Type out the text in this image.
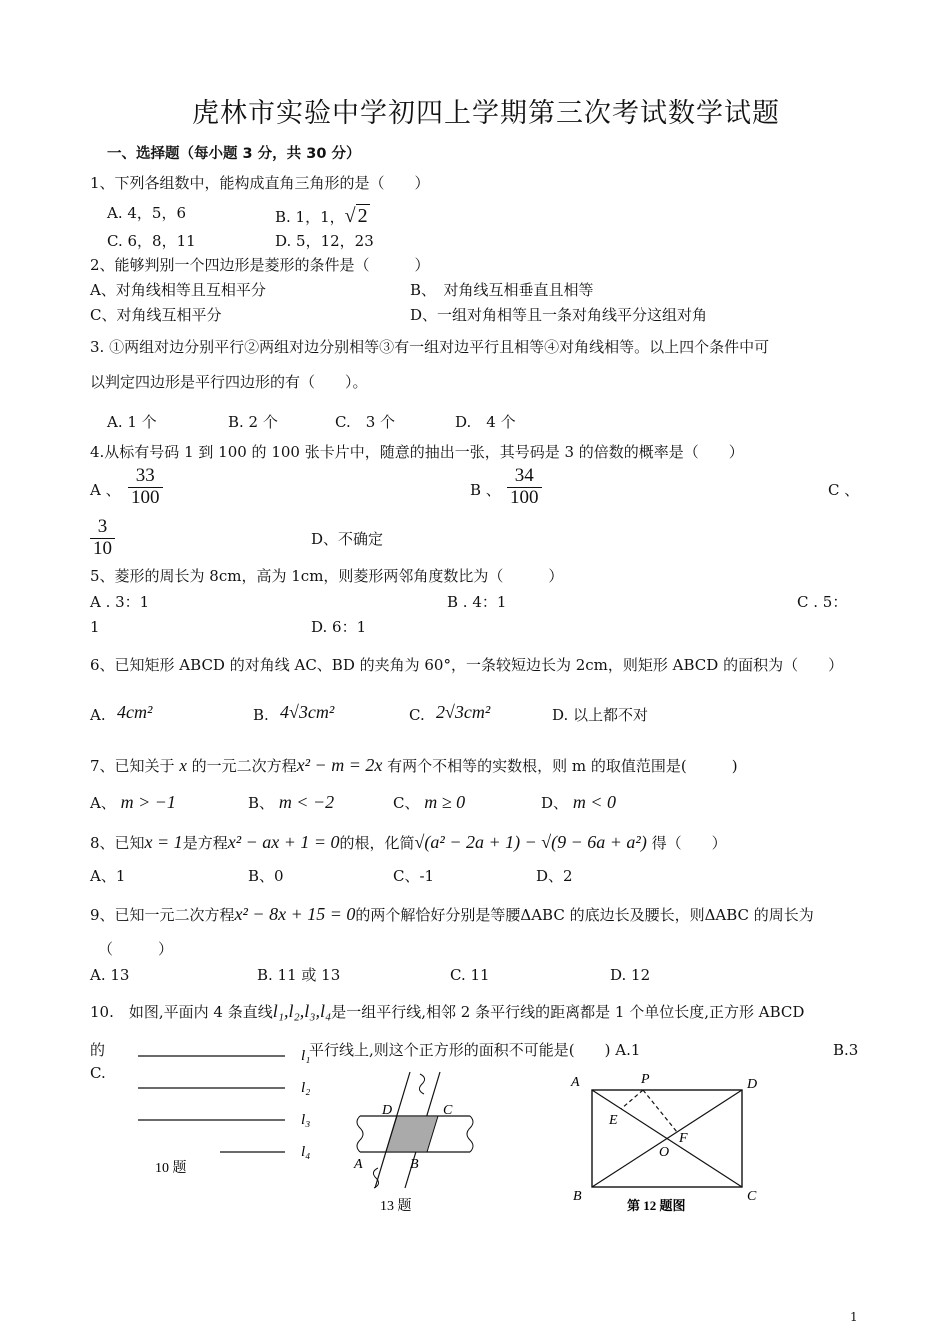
虎林市实验中学初四上学期第三次考试数学试题
一、选择题（每小题 3 分，共 30 分）
1、下列各组数中，能构成直角三角形的是（　　）
A. 4，5，6	B. 1，1，√ 2
C. 6，8，11	D. 5，12，23
2、能够判别一个四边形是菱形的条件是（　　　）
A、对角线相等且互相平分	B、　对角线互相垂直且相等
C、对角线互相平分	D、一组对角相等且一条对角线平分这组对角
3. ①两组对边分别平行②两组对边分别相等③有一组对边平行且相等④对角线相等。以上四个条件中可
以判定四边形是平行四边形的有（　　）。
A. 1 个	B. 2 个	C.　3 个	D.　4 个
4.从标有号码 1 到 100 的 100 张卡片中，随意的抽出一张，其号码是 3 的倍数的概率是（　　）
A 、 $\frac{33}{100}$	B 、 $\frac{34}{100}$	C 、
$\frac{3}{10}$	D、不确定
5、菱形的周长为 8cm，高为 1cm，则菱形两邻角度数比为（　　　）
A . 3：1	B . 4：1	C . 5：
1	D. 6：1
6、已知矩形 ABCD 的对角线 AC、BD 的夹角为 60°，一条较短边长为 2cm，则矩形 ABCD 的面积为（　　）
A. 4cm²	B. 4√3cm²	C. 2√3cm²	D. 以上都不对
7、已知关于 x 的一元二次方程x² − m = 2x 有两个不相等的实数根，则 m 的取值范围是(　　　)
A、 m > −1	B、 m < −2	C、 m ≥ 0	D、 m < 0
8、已知x = 1是方程x² − ax + 1 = 0的根，化简√(a² − 2a + 1) − √(9 − 6a + a²) 得（　　）
A、1	B、0	C、-1	D、2
9、已知一元二次方程x² − 8x + 15 = 0的两个解恰好分别是等腰ΔABC 的底边长及腰长，则ΔABC 的周长为
（　　　）
A. 13	B. 11 或 13	C. 11	D. 12
10.　如图,平面内 4 条直线l₁,l₂,l₃,l₄是一组平行线,相邻 2 条平行线的距离都是 1 个单位长度,正方形 ABCD
的	平行线上,则这个正方形的面积不可能是(　　) A.1	B.3
C.
l₁
l₂
l₃
l₄
10 题
D	C
A	B
13 题
A	P	D
E
F
O
B	C
第 12 题图
1
